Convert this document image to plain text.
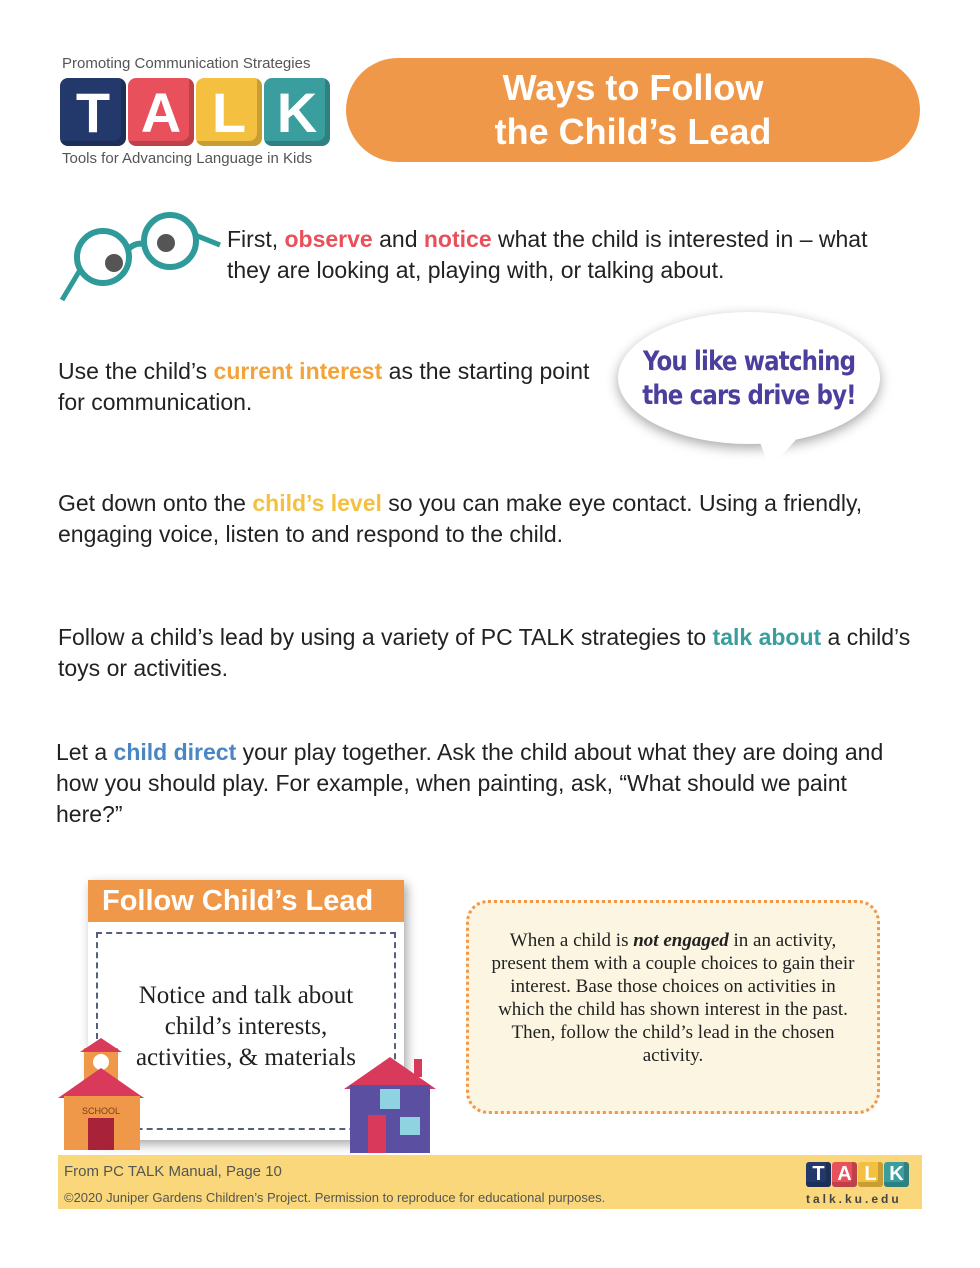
Promoting Communication Strategies
T A L K
Tools for Advancing Language in Kids
Ways to Follow
the Child’s Lead
First, observe and notice what the child is interested in – what they are looking at, playing with, or talking about.
Use the child’s current interest as the starting point for communication.
You like watching
the cars drive by!
Get down onto the child’s level so you can make eye contact. Using a friendly, engaging voice, listen to and respond to the child.
Follow a child’s lead by using a variety of PC TALK strategies to talk about a child’s toys or activities.
Let a child direct your play together. Ask the child about what they are doing and how you should play. For example, when painting, ask, “What should we paint here?”
Follow Child’s Lead
Notice and talk about
child’s interests,
activities, & materials
SCHOOL
When a child is not engaged in an activity, present them with a couple choices to gain their interest. Base those choices on activities in which the child has shown interest in the past. Then, follow the child’s lead in the chosen activity.
From PC TALK Manual, Page 10
©2020 Juniper Gardens Children’s Project. Permission to reproduce for educational purposes.
T A L K
talk.ku.edu
